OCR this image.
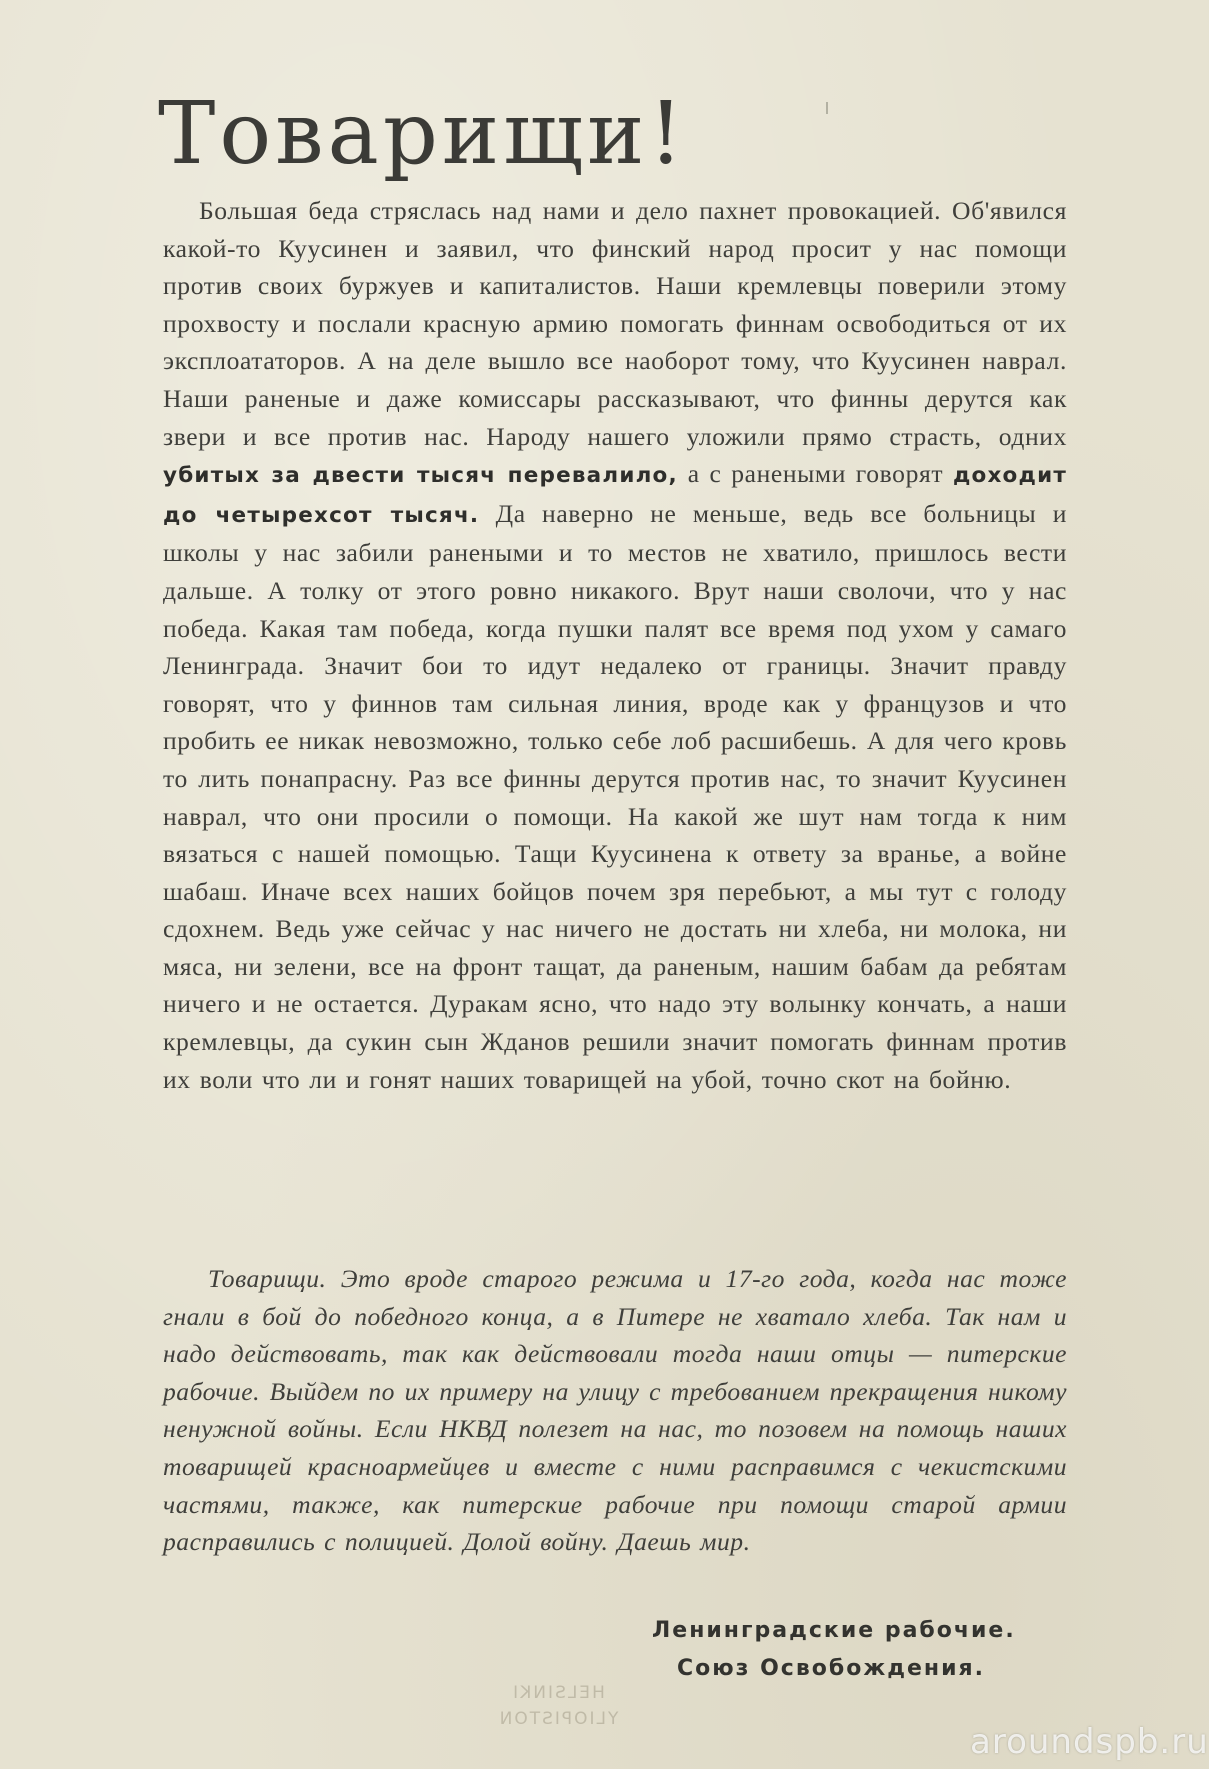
Товарищи!

Большая беда стряслась над нами и дело пахнет провокацией. Об'явился какой-то Куусинен и заявил, что финский народ просит у нас помощи против своих буржуев и капиталистов. Наши кремлевцы поверили этому прохвосту и послали красную армию помогать финнам освободиться от их эксплоататоров. А на деле вышло все наоборот тому, что Куусинен наврал. Наши раненые и даже комиссары рассказывают, что финны дерутся как звери и все против нас. Народу нашего уложили прямо страсть, одних убитых за двести тысяч перевалило, а с ранеными говорят доходит до четырехсот тысяч. Да наверно не меньше, ведь все больницы и школы у нас забили ранеными и то местов не хватило, пришлось вести дальше. А толку от этого ровно никакого. Врут наши сволочи, что у нас победа. Какая там победа, когда пушки палят все время под ухом у самаго Ленинграда. Значит бои то идут недалеко от границы. Значит правду говорят, что у финнов там сильная линия, вроде как у французов и что пробить ее никак невозможно, только себе лоб расшибешь. А для чего кровь то лить понапрасну. Раз все финны дерутся против нас, то значит Куусинен наврал, что они просили о помощи. На какой же шут нам тогда к ним вязаться с нашей помощью. Тащи Куусинена к ответу за вранье, а войне шабаш. Иначе всех наших бойцов почем зря перебьют, а мы тут с голоду сдохнем. Ведь уже сейчас у нас ничего не достать ни хлеба, ни молока, ни мяса, ни зелени, все на фронт тащат, да раненым, нашим бабам да ребятам ничего и не остается. Дуракам ясно, что надо эту волынку кончать, а наши кремлевцы, да сукин сын Жданов решили значит помогать финнам против их воли что ли и гонят наших товарищей на убой, точно скот на бойню.

Товарищи. Это вроде старого режима и 17-го года, когда нас тоже гнали в бой до победного конца, а в Питере не хватало хлеба. Так нам и надо действовать, так как действовали тогда наши отцы — питерские рабочие. Выйдем по их примеру на улицу с требованием прекращения никому ненужной войны. Если НКВД полезет на нас, то позовем на помощь наших товарищей красноармейцев и вместе с ними расправимся с чекистскими частями, также, как питерские рабочие при помощи старой армии расправились с полицией. Долой войну. Даешь мир.

Ленинградские рабочие.
Союз Освобождения.
HELSINKI
YLIOPISTON
aroundspb.ru
